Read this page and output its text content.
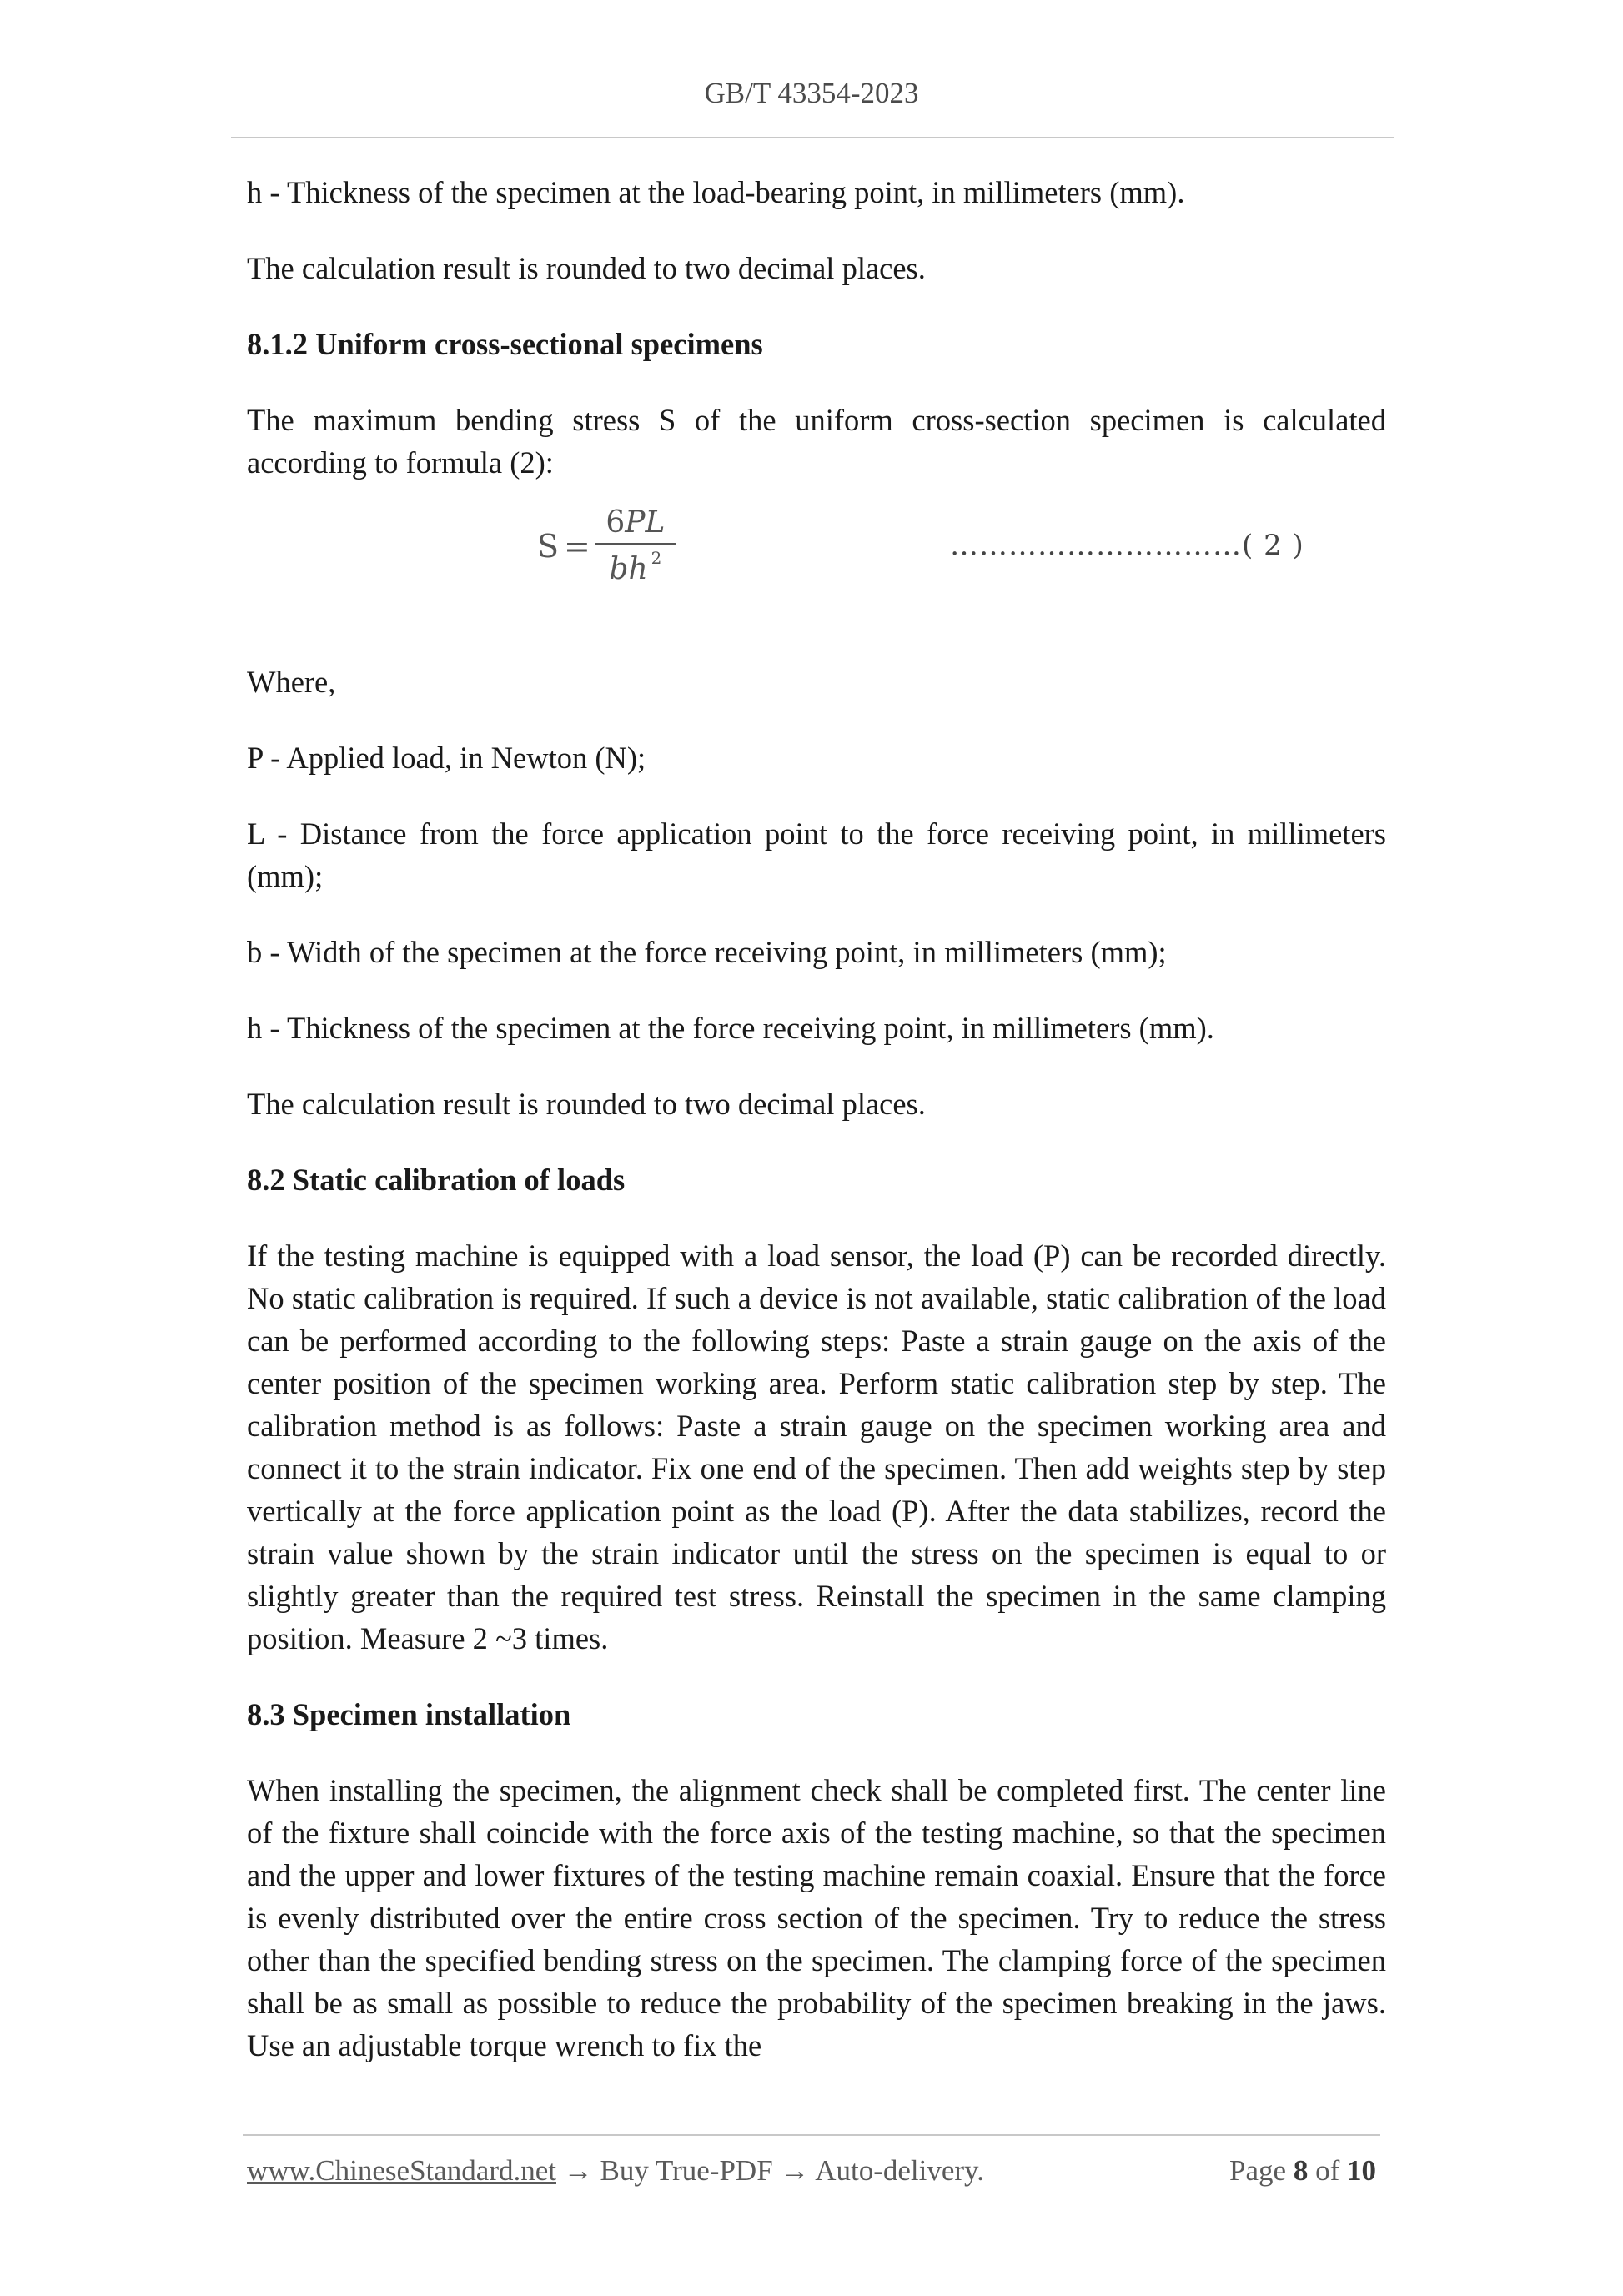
GB/T 43354-2023

h - Thickness of the specimen at the load-bearing point, in millimeters (mm).

The calculation result is rounded to two decimal places.

8.1.2 Uniform cross-sectional specimens

The maximum bending stress S of the uniform cross-section specimen is calculated according to formula (2):

$S = \frac{6PL}{bh ^2}$	…………………………( 2 )

Where,

P - Applied load, in Newton (N);

L - Distance from the force application point to the force receiving point, in millimeters (mm);

b - Width of the specimen at the force receiving point, in millimeters (mm);

h - Thickness of the specimen at the force receiving point, in millimeters (mm).

The calculation result is rounded to two decimal places.

8.2 Static calibration of loads

If the testing machine is equipped with a load sensor, the load (P) can be recorded directly. No static calibration is required. If such a device is not available, static calibration of the load can be performed according to the following steps: Paste a strain gauge on the axis of the center position of the specimen working area. Perform static calibration step by step. The calibration method is as follows: Paste a strain gauge on the specimen working area and connect it to the strain indicator. Fix one end of the specimen. Then add weights step by step vertically at the force application point as the load (P). After the data stabilizes, record the strain value shown by the strain indicator until the stress on the specimen is equal to or slightly greater than the required test stress. Reinstall the specimen in the same clamping position. Measure 2 ~3 times.

8.3 Specimen installation

When installing the specimen, the alignment check shall be completed first. The center line of the fixture shall coincide with the force axis of the testing machine, so that the specimen and the upper and lower fixtures of the testing machine remain coaxial. Ensure that the force is evenly distributed over the entire cross section of the specimen. Try to reduce the stress other than the specified bending stress on the specimen. The clamping force of the specimen shall be as small as possible to reduce the probability of the specimen breaking in the jaws. Use an adjustable torque wrench to fix the

www.ChineseStandard.net → Buy True-PDF → Auto-delivery.	Page 8 of 10
